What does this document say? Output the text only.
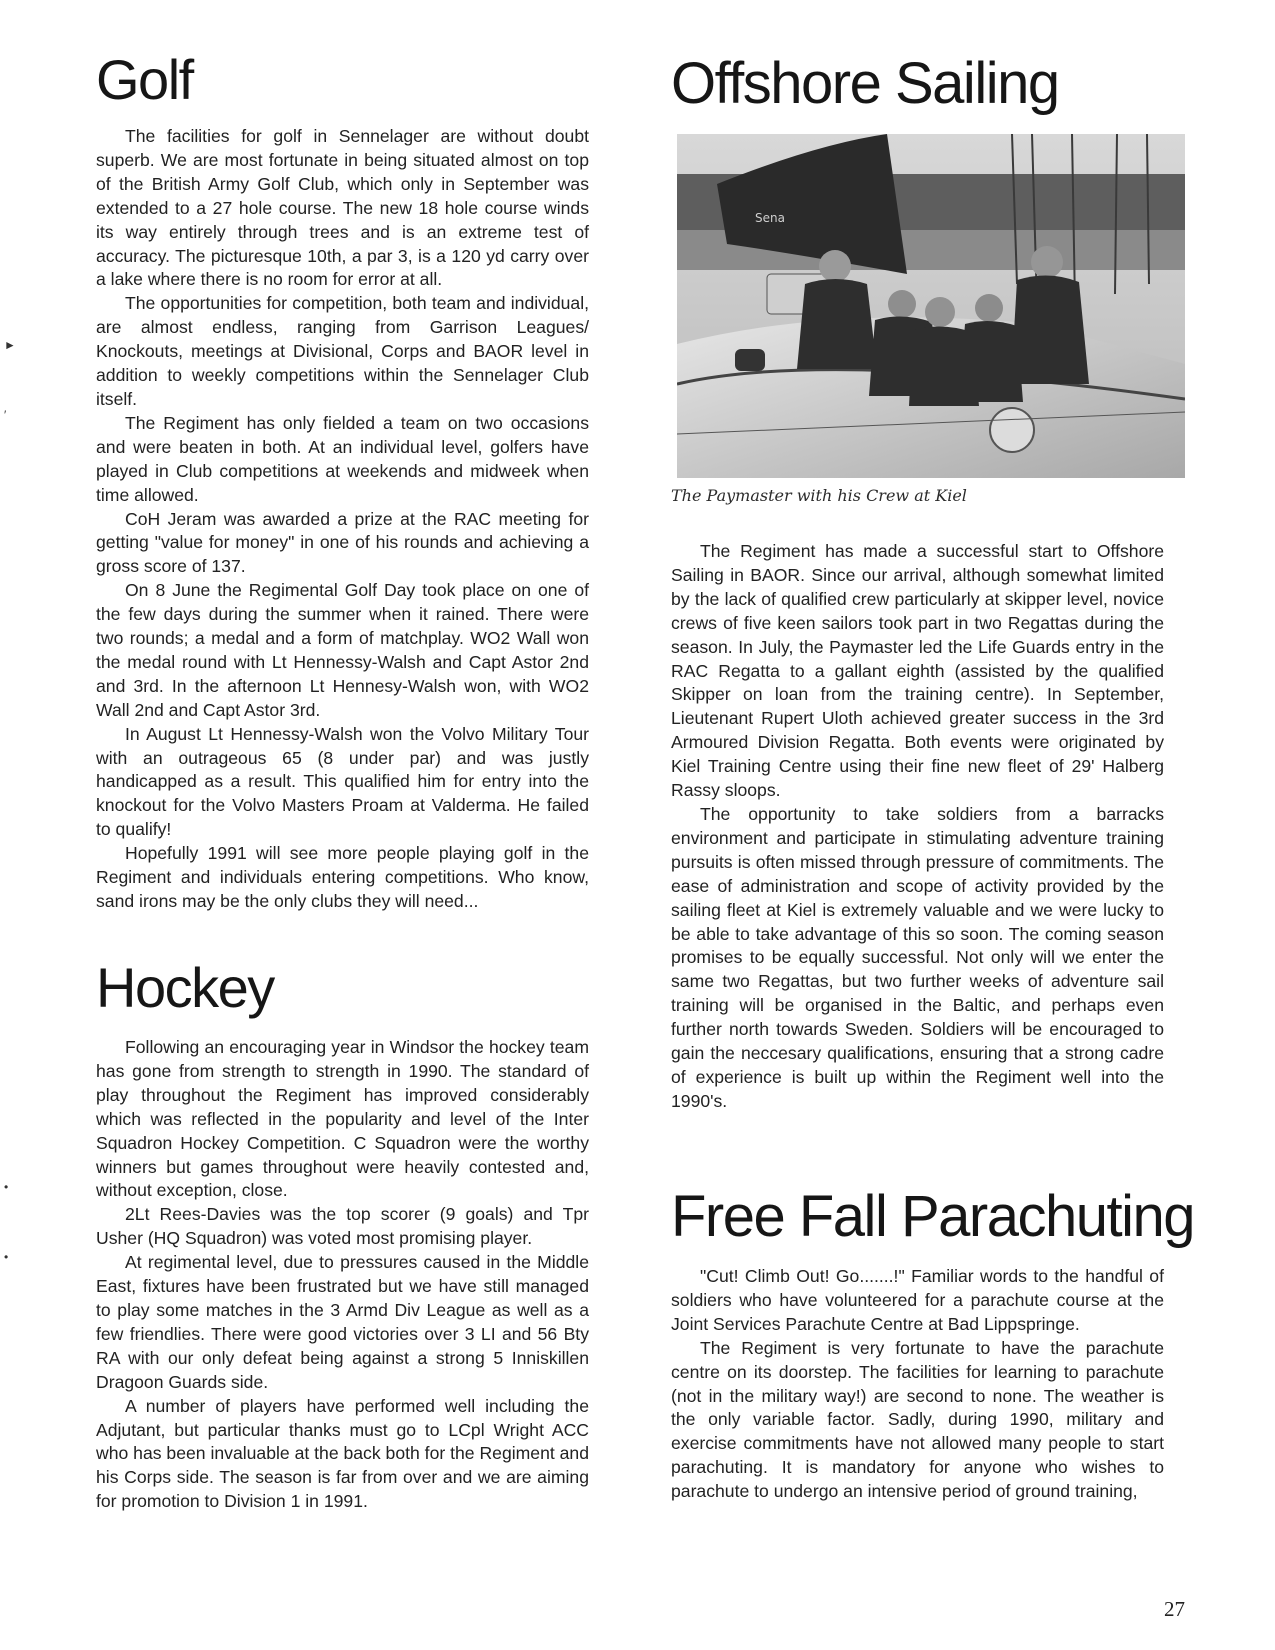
►
′
•
•
Golf

The facilities for golf in Sennelager are without doubt superb. We are most fortunate in being situated almost on top of the British Army Golf Club, which only in September was extended to a 27 hole course. The new 18 hole course winds its way entirely through trees and is an extreme test of accuracy. The picturesque 10th, a par 3, is a 120 yd carry over a lake where there is no room for error at all.

The opportunities for competition, both team and individual, are almost endless, ranging from Garrison Leagues/ Knockouts, meetings at Divisional, Corps and BAOR level in addition to weekly competitions within the Sennelager Club itself.

The Regiment has only fielded a team on two occasions and were beaten in both. At an individual level, golfers have played in Club competitions at weekends and midweek when time allowed.

CoH Jeram was awarded a prize at the RAC meeting for getting "value for money" in one of his rounds and achieving a gross score of 137.

On 8 June the Regimental Golf Day took place on one of the few days during the summer when it rained. There were two rounds; a medal and a form of matchplay. WO2 Wall won the medal round with Lt Hennessy-Walsh and Capt Astor 2nd and 3rd. In the afternoon Lt Hennesy-Walsh won, with WO2 Wall 2nd and Capt Astor 3rd.

In August Lt Hennessy-Walsh won the Volvo Military Tour with an outrageous 65 (8 under par) and was justly handicapped as a result. This qualified him for entry into the knockout for the Volvo Masters Proam at Valderma. He failed to qualify!

Hopefully 1991 will see more people playing golf in the Regiment and individuals entering competitions. Who know, sand irons may be the only clubs they will need...

Hockey

Following an encouraging year in Windsor the hockey team has gone from strength to strength in 1990. The standard of play throughout the Regiment has improved considerably which was reflected in the popularity and level of the Inter Squadron Hockey Competition. C Squadron were the worthy winners but games throughout were heavily contested and, without exception, close.

2Lt Rees-Davies was the top scorer (9 goals) and Tpr Usher (HQ Squadron) was voted most promising player.

At regimental level, due to pressures caused in the Middle East, fixtures have been frustrated but we have still managed to play some matches in the 3 Armd Div League as well as a few friendlies. There were good victories over 3 LI and 56 Bty RA with our only defeat being against a strong 5 Inniskillen Dragoon Guards side.

A number of players have performed well including the Adjutant, but particular thanks must go to LCpl Wright ACC who has been invaluable at the back both for the Regiment and his Corps side. The season is far from over and we are aiming for promotion to Division 1 in 1991.

Offshore Sailing
Sena
The Paymaster with his Crew at Kiel

The Regiment has made a successful start to Offshore Sailing in BAOR. Since our arrival, although somewhat limited by the lack of qualified crew particularly at skipper level, novice crews of five keen sailors took part in two Regattas during the season. In July, the Paymaster led the Life Guards entry in the RAC Regatta to a gallant eighth (assisted by the qualified Skipper on loan from the training centre). In September, Lieutenant Rupert Uloth achieved greater success in the 3rd Armoured Division Regatta. Both events were originated by Kiel Training Centre using their fine new fleet of 29' Halberg Rassy sloops.

The opportunity to take soldiers from a barracks environment and participate in stimulating adventure training pursuits is often missed through pressure of commitments. The ease of administration and scope of activity provided by the sailing fleet at Kiel is extremely valuable and we were lucky to be able to take advantage of this so soon. The coming season promises to be equally successful. Not only will we enter the same two Regattas, but two further weeks of adventure sail training will be organised in the Baltic, and perhaps even further north towards Sweden. Soldiers will be encouraged to gain the neccesary qualifications, ensuring that a strong cadre of experience is built up within the Regiment well into the 1990's.

Free Fall Parachuting

"Cut! Climb Out! Go.......!" Familiar words to the handful of soldiers who have volunteered for a parachute course at the Joint Services Parachute Centre at Bad Lippspringe.

The Regiment is very fortunate to have the parachute centre on its doorstep. The facilities for learning to parachute (not in the military way!) are second to none. The weather is the only variable factor. Sadly, during 1990, military and exercise commitments have not allowed many people to start parachuting. It is mandatory for anyone who wishes to parachute to undergo an intensive period of ground training,

27
